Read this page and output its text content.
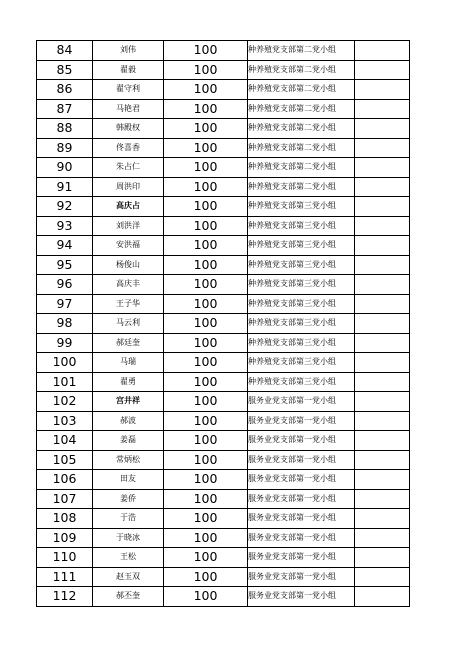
84	刘伟	100	种养殖党支部第二党小组	
85	翟毅	100	种养殖党支部第二党小组	
86	翟守利	100	种养殖党支部第二党小组	
87	马艳君	100	种养殖党支部第二党小组	
88	韩殿权	100	种养殖党支部第二党小组	
89	佟喜香	100	种养殖党支部第二党小组	
90	朱占仁	100	种养殖党支部第二党小组	
91	周洪印	100	种养殖党支部第二党小组	
92	高庆占	100	种养殖党支部第三党小组	
93	刘洪洋	100	种养殖党支部第三党小组	
94	安洪福	100	种养殖党支部第三党小组	
95	杨俊山	100	种养殖党支部第三党小组	
96	高庆丰	100	种养殖党支部第三党小组	
97	王子华	100	种养殖党支部第三党小组	
98	马云利	100	种养殖党支部第三党小组	
99	郝廷奎	100	种养殖党支部第三党小组	
100	马瑞	100	种养殖党支部第三党小组	
101	翟勇	100	种养殖党支部第三党小组	
102	宫井祥	100	服务业党支部第一党小组	
103	郝波	100	服务业党支部第一党小组	
104	姜磊	100	服务业党支部第一党小组	
105	常炳松	100	服务业党支部第一党小组	
106	田友	100	服务业党支部第一党小组	
107	姜侨	100	服务业党支部第一党小组	
108	于浩	100	服务业党支部第一党小组	
109	于晓冰	100	服务业党支部第一党小组	
110	王松	100	服务业党支部第一党小组	
111	赵玉双	100	服务业党支部第一党小组	
112	郝丕奎	100	服务业党支部第一党小组	
